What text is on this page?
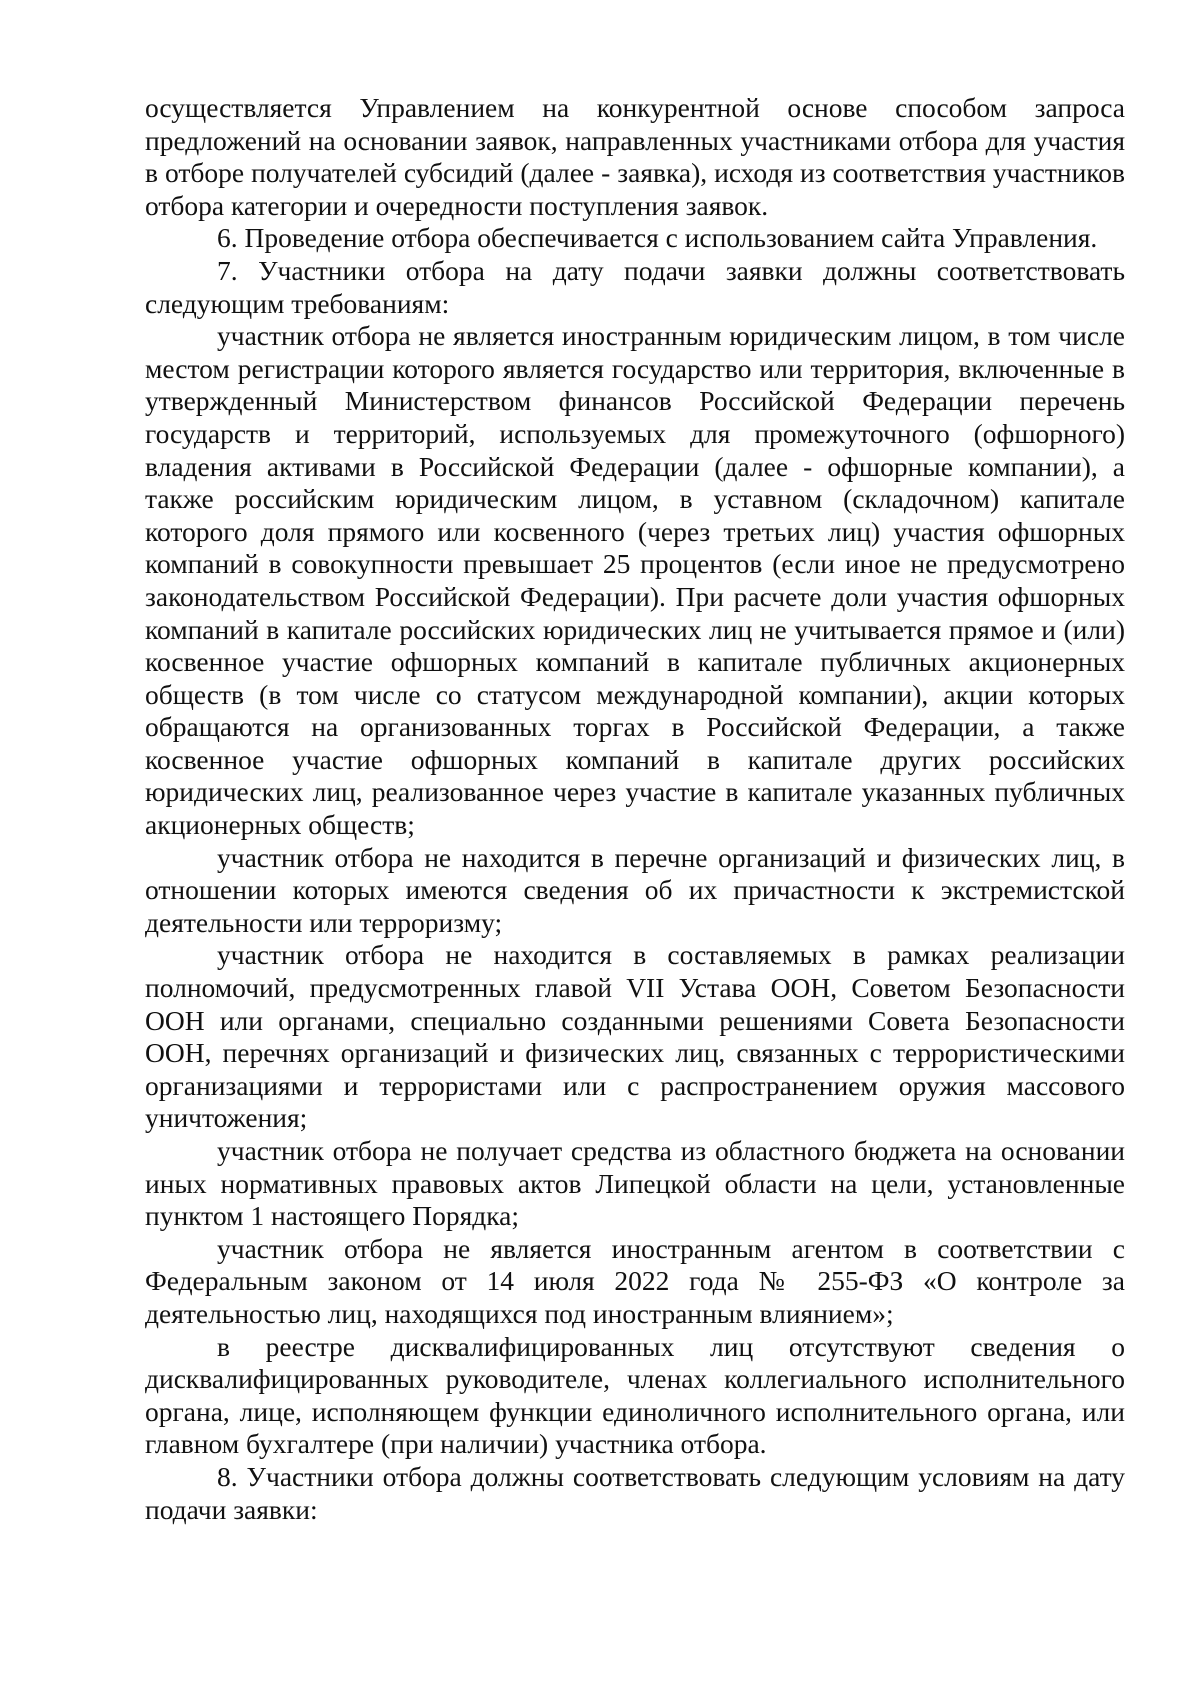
осуществляется Управлением на конкурентной основе способом запроса предложений на основании заявок, направленных участниками отбора для участия в отборе получателей субсидий (далее - заявка), исходя из соответствия участников отбора категории и очередности поступления заявок.

6. Проведение отбора обеспечивается с использованием сайта Управления.

7. Участники отбора на дату подачи заявки должны соответствовать следующим требованиям:

участник отбора не является иностранным юридическим лицом, в том числе местом регистрации которого является государство или территория, включенные в утвержденный Министерством финансов Российской Федерации перечень государств и территорий, используемых для промежуточного (офшорного) владения активами в Российской Федерации (далее - офшорные компании), а также российским юридическим лицом, в уставном (складочном) капитале которого доля прямого или косвенного (через третьих лиц) участия офшорных компаний в совокупности превышает 25 процентов (если иное не предусмотрено законодательством Российской Федерации). При расчете доли участия офшорных компаний в капитале российских юридических лиц не учитывается прямое и (или) косвенное участие офшорных компаний в капитале публичных акционерных обществ (в том числе со статусом международной компании), акции которых обращаются на организованных торгах в Российской Федерации, а также косвенное участие офшорных компаний в капитале других российских юридических лиц, реализованное через участие в капитале указанных публичных акционерных обществ;

участник отбора не находится в перечне организаций и физических лиц, в отношении которых имеются сведения об их причастности к экстремистской деятельности или терроризму;

участник отбора не находится в составляемых в рамках реализации полномочий, предусмотренных главой VII Устава ООН, Советом Безопасности ООН или органами, специально созданными решениями Совета Безопасности ООН, перечнях организаций и физических лиц, связанных с террористическими организациями и террористами или с распространением оружия массового уничтожения;

участник отбора не получает средства из областного бюджета на основании иных нормативных правовых актов Липецкой области на цели, установленные пунктом 1 настоящего Порядка;

участник отбора не является иностранным агентом в соответствии с Федеральным законом от 14 июля 2022 года № 255-ФЗ «О контроле за деятельностью лиц, находящихся под иностранным влиянием»;

в реестре дисквалифицированных лиц отсутствуют сведения о дисквалифицированных руководителе, членах коллегиального исполнительного органа, лице, исполняющем функции единоличного исполнительного органа, или главном бухгалтере (при наличии) участника отбора.

8. Участники отбора должны соответствовать следующим условиям на дату подачи заявки:
